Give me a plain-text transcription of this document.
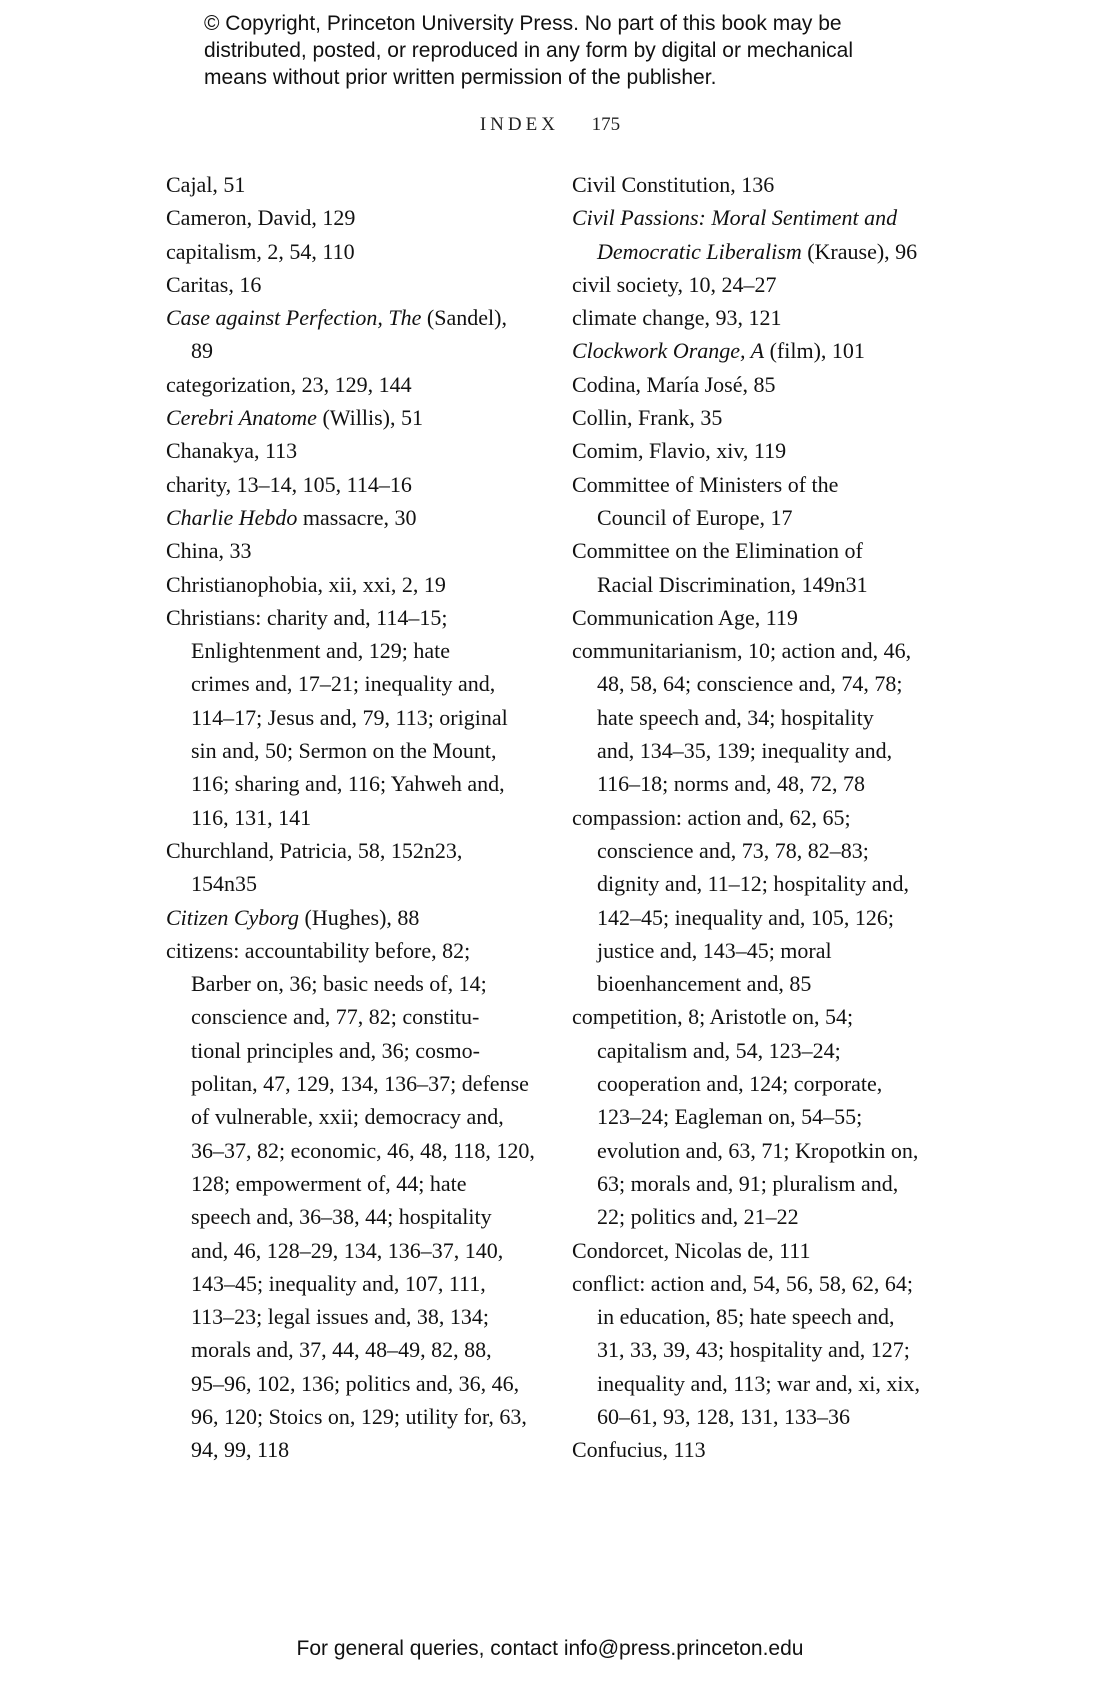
© Copyright, Princeton University Press. No part of this book may be
distributed, posted, or reproduced in any form by digital or mechanical
means without prior written permission of the publisher.
INDEX 175
Cajal, 51
Cameron, David, 129
capitalism, 2, 54, 110
Caritas, 16
Case against Perfection, The (Sandel),
89
categorization, 23, 129, 144
Cerebri Anatome (Willis), 51
Chanakya, 113
charity, 13–14, 105, 114–16
Charlie Hebdo massacre, 30
China, 33
Christianophobia, xii, xxi, 2, 19
Christians: charity and, 114–15;
Enlightenment and, 129; hate
crimes and, 17–21; inequality and,
114–17; Jesus and, 79, 113; original
sin and, 50; Sermon on the Mount,
116; sharing and, 116; Yahweh and,
116, 131, 141
Churchland, Patricia, 58, 152n23,
154n35
Citizen Cyborg (Hughes), 88
citizens: accountability before, 82;
Barber on, 36; basic needs of, 14;
conscience and, 77, 82; constitu-
tional principles and, 36; cosmo-
politan, 47, 129, 134, 136–37; defense
of vulnerable, xxii; democracy and,
36–37, 82; economic, 46, 48, 118, 120,
128; empowerment of, 44; hate
speech and, 36–38, 44; hospitality
and, 46, 128–29, 134, 136–37, 140,
143–45; inequality and, 107, 111,
113–23; legal issues and, 38, 134;
morals and, 37, 44, 48–49, 82, 88,
95–96, 102, 136; politics and, 36, 46,
96, 120; Stoics on, 129; utility for, 63,
94, 99, 118
Civil Constitution, 136
Civil Passions: Moral Sentiment and
Democratic Liberalism (Krause), 96
civil society, 10, 24–27
climate change, 93, 121
Clockwork Orange, A (film), 101
Codina, María José, 85
Collin, Frank, 35
Comim, Flavio, xiv, 119
Committee of Ministers of the
Council of Europe, 17
Committee on the Elimination of
Racial Discrimination, 149n31
Communication Age, 119
communitarianism, 10; action and, 46,
48, 58, 64; conscience and, 74, 78;
hate speech and, 34; hospitality
and, 134–35, 139; inequality and,
116–18; norms and, 48, 72, 78
compassion: action and, 62, 65;
conscience and, 73, 78, 82–83;
dignity and, 11–12; hospitality and,
142–45; inequality and, 105, 126;
justice and, 143–45; moral
bioenhancement and, 85
competition, 8; Aristotle on, 54;
capitalism and, 54, 123–24;
cooperation and, 124; corporate,
123–24; Eagleman on, 54–55;
evolution and, 63, 71; Kropotkin on,
63; morals and, 91; pluralism and,
22; politics and, 21–22
Condorcet, Nicolas de, 111
conflict: action and, 54, 56, 58, 62, 64;
in education, 85; hate speech and,
31, 33, 39, 43; hospitality and, 127;
inequality and, 113; war and, xi, xix,
60–61, 93, 128, 131, 133–36
Confucius, 113
For general queries, contact info@press.princeton.edu
